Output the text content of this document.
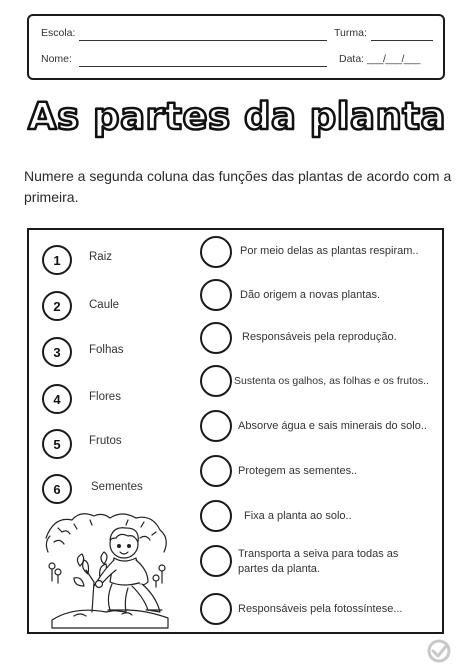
Escola:	Turma:
Nome:	Data: ___/___/___
As partes da planta
Numere a segunda coluna das funções das plantas de acordo com a primeira.
1	Raiz
2	Caule
3	Folhas
4	Flores
5	Frutos
6	Sementes
Por meio delas as plantas respiram..
Dão origem a novas plantas.
Responsáveis pela reprodução.
Sustenta os galhos, as folhas e os frutos..
Absorve água e sais minerais do solo..
Protegem as sementes..
Fixa a planta ao solo..
Transporta a seiva para todas as partes da planta.
Responsáveis pela fotossíntese...
